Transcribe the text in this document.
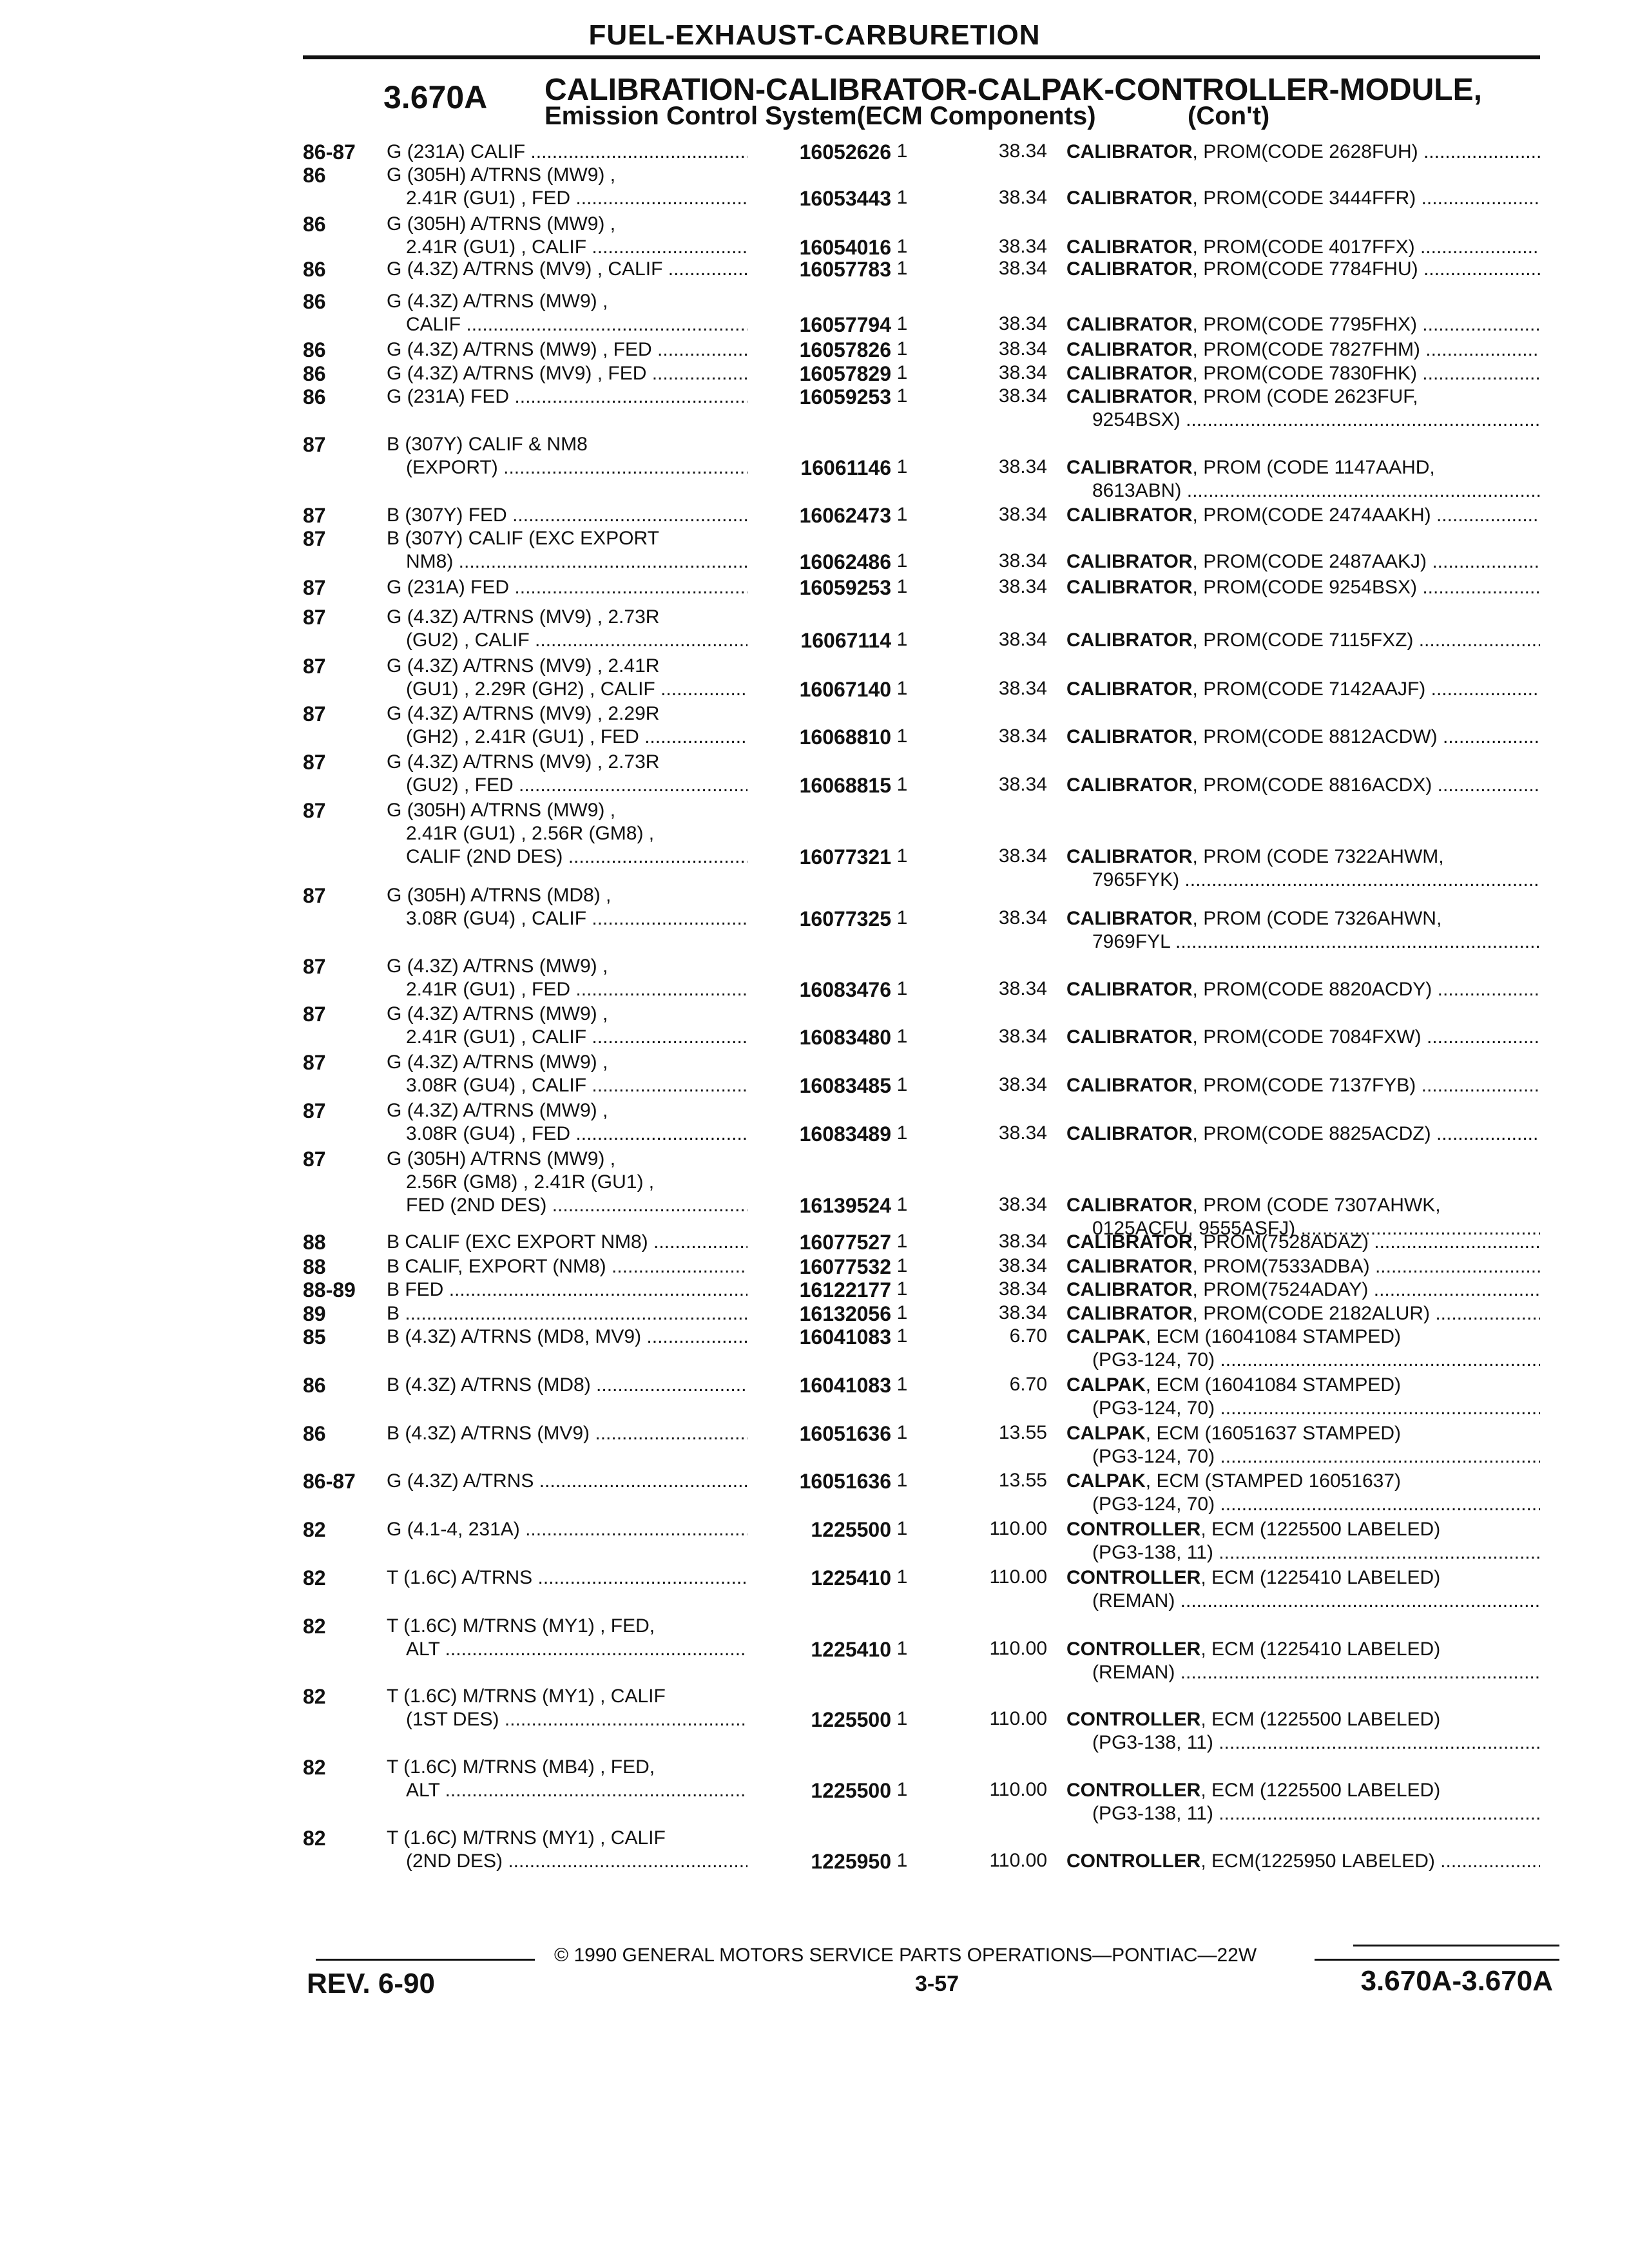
FUEL-EXHAUST-CARBURETION
3.670A CALIBRATION-CALIBRATOR-CALPAK-CONTROLLER-MODULE,
Emission Control System(ECM Components)	(Con't)
86-87 G (231A) CALIF .....	16052626 1	38.34 CALIBRATOR, PROM(CODE 2628FUH) .....
86	G (305H) A/TRNS (MW9) ,
2.41R (GU1) , FED .....	16053443 1	38.34 CALIBRATOR, PROM(CODE 3444FFR) .....
86	G (305H) A/TRNS (MW9) ,
2.41R (GU1) , CALIF .....	16054016 1	38.34 CALIBRATOR, PROM(CODE 4017FFX) .....
86	G (4.3Z) A/TRNS (MV9) , CALIF .....	16057783 1	38.34 CALIBRATOR, PROM(CODE 7784FHU) .....
86	G (4.3Z) A/TRNS (MW9) ,
CALIF .....	16057794 1	38.34 CALIBRATOR, PROM(CODE 7795FHX) .....
86	G (4.3Z) A/TRNS (MW9) , FED .....	16057826 1	38.34 CALIBRATOR, PROM(CODE 7827FHM) .....
86	G (4.3Z) A/TRNS (MV9) , FED .....	16057829 1	38.34 CALIBRATOR, PROM(CODE 7830FHK) .....
86	G (231A) FED .....	16059253 1	38.34 CALIBRATOR, PROM (CODE 2623FUF,
9254BSX) .....
87	B (307Y) CALIF & NM8
(EXPORT) .....	16061146 1	38.34 CALIBRATOR, PROM (CODE 1147AAHD,
8613ABN) .....
87	B (307Y) FED .....	16062473 1	38.34 CALIBRATOR, PROM(CODE 2474AAKH) .....
87	B (307Y) CALIF (EXC EXPORT
NM8) .....	16062486 1	38.34 CALIBRATOR, PROM(CODE 2487AAKJ) .....
87	G (231A) FED .....	16059253 1	38.34 CALIBRATOR, PROM(CODE 9254BSX) .....
87	G (4.3Z) A/TRNS (MV9) , 2.73R
(GU2) , CALIF .....	16067114 1	38.34 CALIBRATOR, PROM(CODE 7115FXZ) .....
87	G (4.3Z) A/TRNS (MV9) , 2.41R
(GU1) , 2.29R (GH2) , CALIF .....	16067140 1	38.34 CALIBRATOR, PROM(CODE 7142AAJF) .....
87	G (4.3Z) A/TRNS (MV9) , 2.29R
(GH2) , 2.41R (GU1) , FED .....	16068810 1	38.34 CALIBRATOR, PROM(CODE 8812ACDW) .....
87	G (4.3Z) A/TRNS (MV9) , 2.73R
(GU2) , FED .....	16068815 1	38.34 CALIBRATOR, PROM(CODE 8816ACDX) .....
87	G (305H) A/TRNS (MW9) ,
2.41R (GU1) , 2.56R (GM8) ,
CALIF (2ND DES) .....	16077321 1	38.34 CALIBRATOR, PROM (CODE 7322AHWM,
7965FYK) .....
87	G (305H) A/TRNS (MD8) ,
3.08R (GU4) , CALIF .....	16077325 1	38.34 CALIBRATOR, PROM (CODE 7326AHWN,
7969FYL .....
87	G (4.3Z) A/TRNS (MW9) ,
2.41R (GU1) , FED .....	16083476 1	38.34 CALIBRATOR, PROM(CODE 8820ACDY) .....
87	G (4.3Z) A/TRNS (MW9) ,
2.41R (GU1) , CALIF .....	16083480 1	38.34 CALIBRATOR, PROM(CODE 7084FXW) .....
87	G (4.3Z) A/TRNS (MW9) ,
3.08R (GU4) , CALIF .....	16083485 1	38.34 CALIBRATOR, PROM(CODE 7137FYB) .....
87	G (4.3Z) A/TRNS (MW9) ,
3.08R (GU4) , FED .....	16083489 1	38.34 CALIBRATOR, PROM(CODE 8825ACDZ) .....
87	G (305H) A/TRNS (MW9) ,
2.56R (GM8) , 2.41R (GU1) ,
FED (2ND DES) .....	16139524 1	38.34 CALIBRATOR, PROM (CODE 7307AHWK,
0125ACFU, 9555ASFJ) .....
88	B CALIF (EXC EXPORT NM8) .....	16077527 1	38.34 CALIBRATOR, PROM(7528ADAZ) .....
88	B CALIF, EXPORT (NM8) .....	16077532 1	38.34 CALIBRATOR, PROM(7533ADBA) .....
88-89 B FED .....	16122177 1	38.34 CALIBRATOR, PROM(7524ADAY) .....
89	B .....	16132056 1	38.34 CALIBRATOR, PROM(CODE 2182ALUR) .....
85	B (4.3Z) A/TRNS (MD8, MV9) .....	16041083 1	6.70 CALPAK, ECM (16041084 STAMPED)
(PG3-124, 70) .....
86	B (4.3Z) A/TRNS (MD8) .....	16041083 1	6.70 CALPAK, ECM (16041084 STAMPED)
(PG3-124, 70) .....
86	B (4.3Z) A/TRNS (MV9) .....	16051636 1	13.55 CALPAK, ECM (16051637 STAMPED)
(PG3-124, 70) .....
86-87 G (4.3Z) A/TRNS .....	16051636 1	13.55 CALPAK, ECM (STAMPED 16051637)
(PG3-124, 70) .....
82	G (4.1-4, 231A) .....	1225500 1	110.00 CONTROLLER, ECM (1225500 LABELED)
(PG3-138, 11) .....
82	T (1.6C) A/TRNS .....	1225410 1	110.00 CONTROLLER, ECM (1225410 LABELED)
(REMAN) .....
82	T (1.6C) M/TRNS (MY1) , FED,
ALT .....	1225410 1	110.00 CONTROLLER, ECM (1225410 LABELED)
(REMAN) .....
82	T (1.6C) M/TRNS (MY1) , CALIF
(1ST DES) .....	1225500 1	110.00 CONTROLLER, ECM (1225500 LABELED)
(PG3-138, 11) .....
82	T (1.6C) M/TRNS (MB4) , FED,
ALT .....	1225500 1	110.00 CONTROLLER, ECM (1225500 LABELED)
(PG3-138, 11) .....
82	T (1.6C) M/TRNS (MY1) , CALIF
(2ND DES) .....	1225950 1	110.00 CONTROLLER, ECM(1225950 LABELED) .....
© 1990 GENERAL MOTORS SERVICE PARTS OPERATIONS—PONTIAC—22W
REV. 6-90	3-57	3.670A-3.670A
